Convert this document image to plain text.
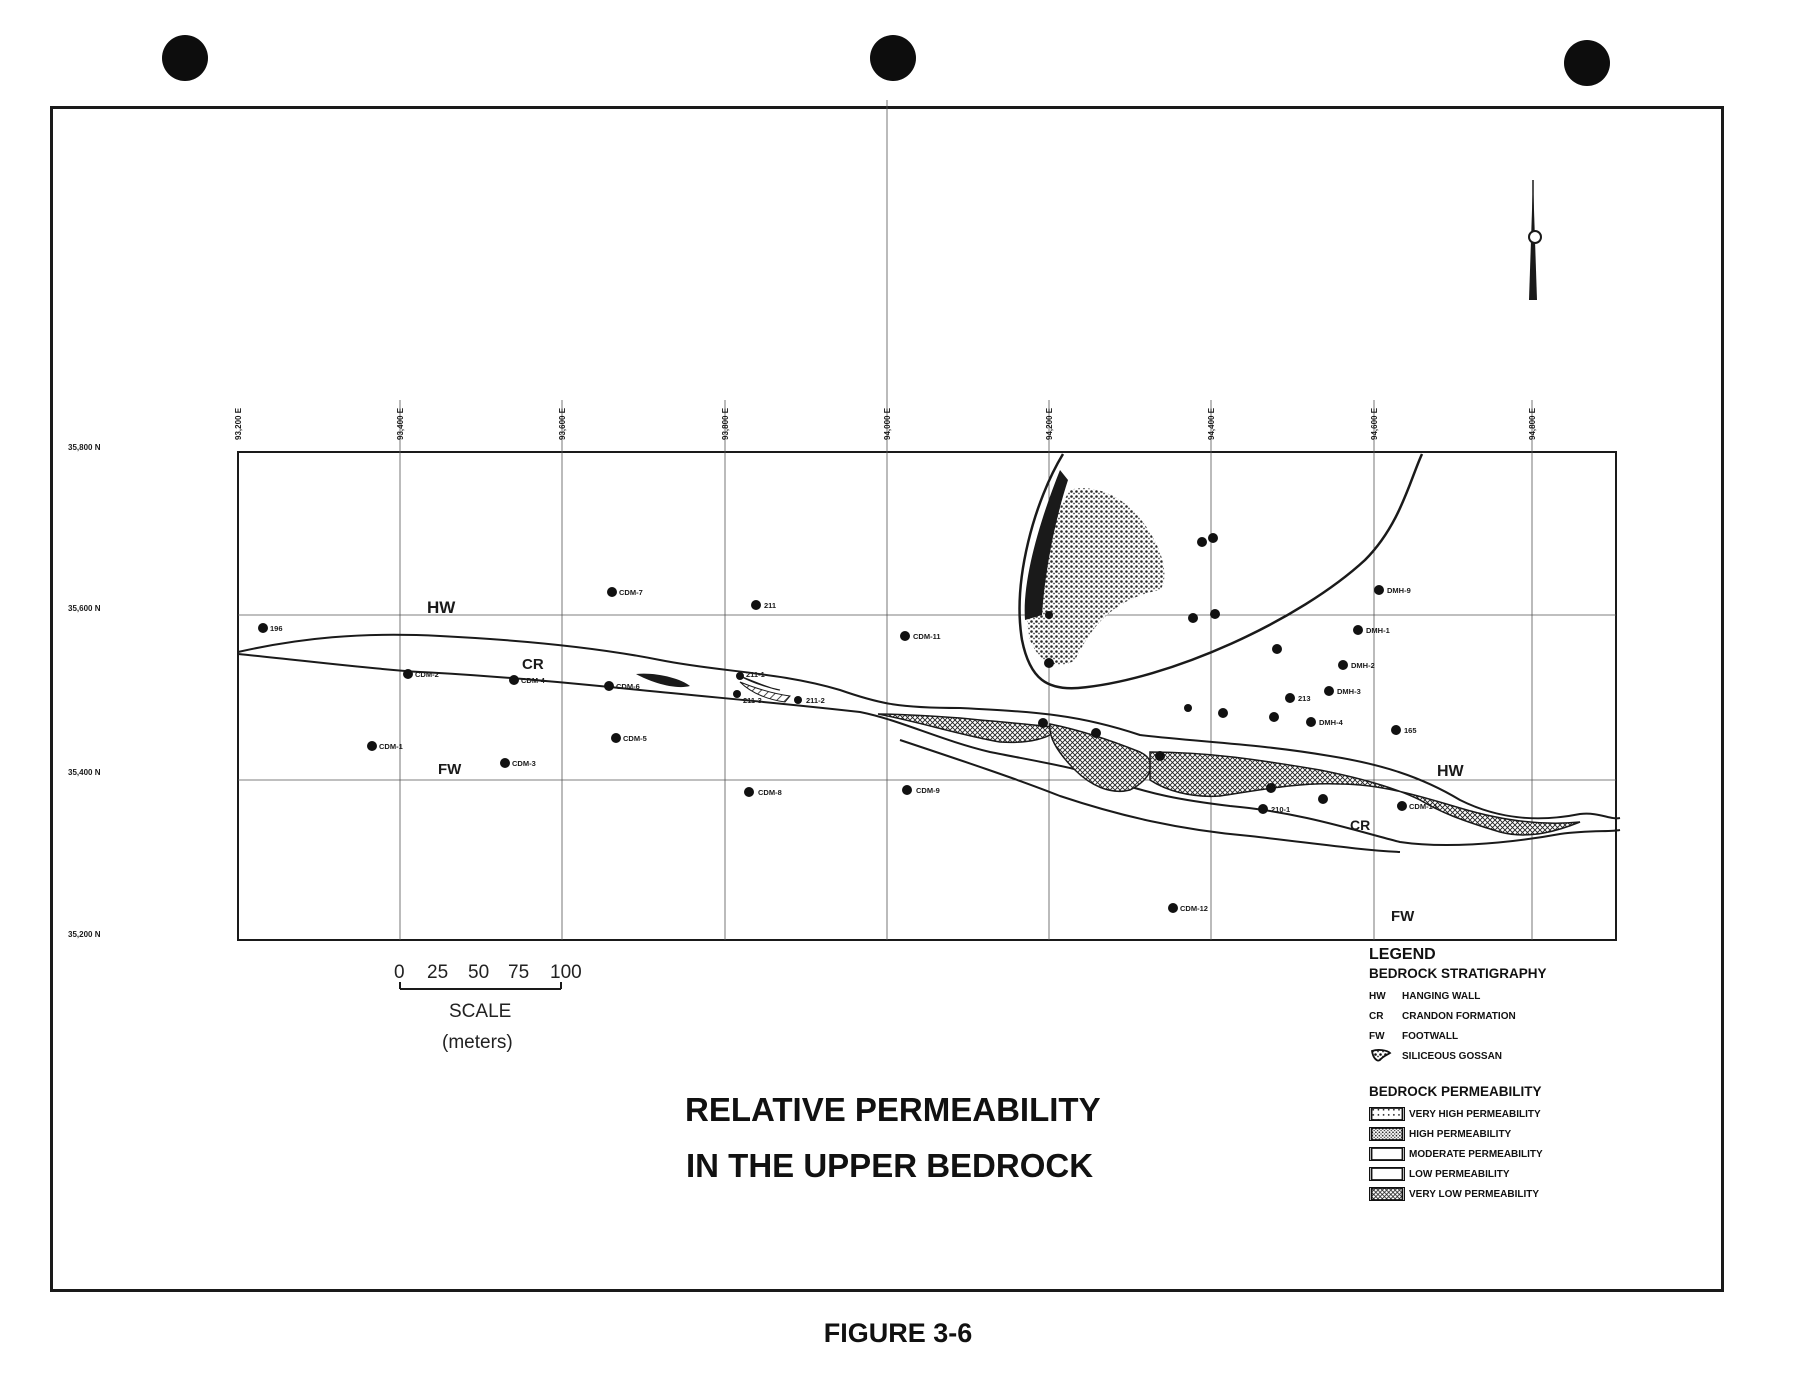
93,200 E	93,400 E	93,600 E	93,800 E	94,000 E	94,200 E	94,400 E	94,600 E	94,800 E
35,800 N
35,600 N
35,400 N
35,200 N
HW
CR
FW	HW
CR
FW
196
CDM-1
CDM-2
CDM-3
CDM-4
CDM-5
CDM-6
CDM-7
CDM-8	CDM-9
CDM-11
CDM-12
CDM-14
211
211-1
211-2
211-3	213
210-1
165
DMH-1
DMH-2
DMH-3
DMH-4
DMH-9
0 25 50 75 100
SCALE
(meters)
RELATIVE PERMEABILITY
IN THE UPPER BEDROCK
LEGEND
BEDROCK STRATIGRAPHY
HW	HANGING WALL
CR	CRANDON FORMATION
FW	FOOTWALL
SILICEOUS GOSSAN
BEDROCK PERMEABILITY
VERY HIGH PERMEABILITY
HIGH PERMEABILITY
MODERATE PERMEABILITY
LOW PERMEABILITY
VERY LOW PERMEABILITY
FIGURE 3-6
